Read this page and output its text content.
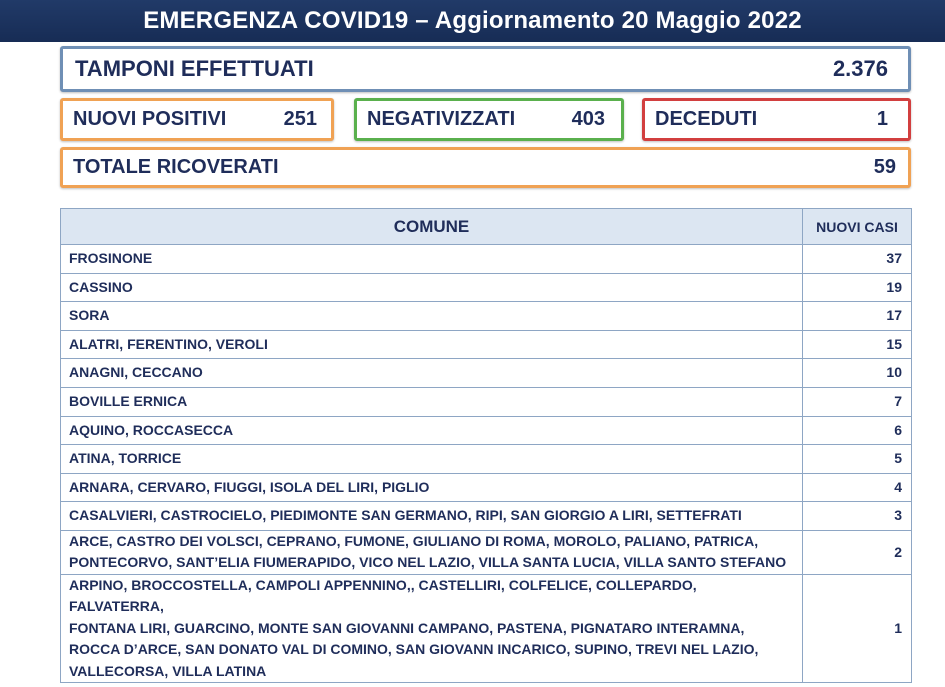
EMERGENZA COVID19 – Aggiornamento 20 Maggio 2022
TAMPONI EFFETTUATI	2.376
NUOVI POSITIVI	251	NEGATIVIZZATI	403	DECEDUTI	1
TOTALE RICOVERATI	59
COMUNE	NUOVI CASI

FROSINONE	37

CASSINO	19

SORA	17

ALATRI, FERENTINO, VEROLI	15

ANAGNI, CECCANO	10

BOVILLE ERNICA	7

AQUINO, ROCCASECCA	6

ATINA, TORRICE	5

ARNARA, CERVARO, FIUGGI, ISOLA DEL LIRI, PIGLIO	4

CASALVIERI, CASTROCIELO, PIEDIMONTE SAN GERMANO, RIPI, SAN GIORGIO A LIRI, SETTEFRATI	3

ARCE, CASTRO DEI VOLSCI, CEPRANO, FUMONE, GIULIANO DI ROMA, MOROLO, PALIANO, PATRICA,
PONTECORVO, SANT’ELIA FIUMERAPIDO, VICO NEL LAZIO, VILLA SANTA LUCIA, VILLA SANTO STEFANO	2

ARPINO, BROCCOSTELLA, CAMPOLI APPENNINO,, CASTELLIRI, COLFELICE, COLLEPARDO, FALVATERRA,
FONTANA LIRI, GUARCINO, MONTE SAN GIOVANNI CAMPANO, PASTENA, PIGNATARO INTERAMNA,
ROCCA D’ARCE, SAN DONATO VAL DI COMINO, SAN GIOVANN INCARICO, SUPINO, TREVI NEL LAZIO,
VALLECORSA, VILLA LATINA	1
